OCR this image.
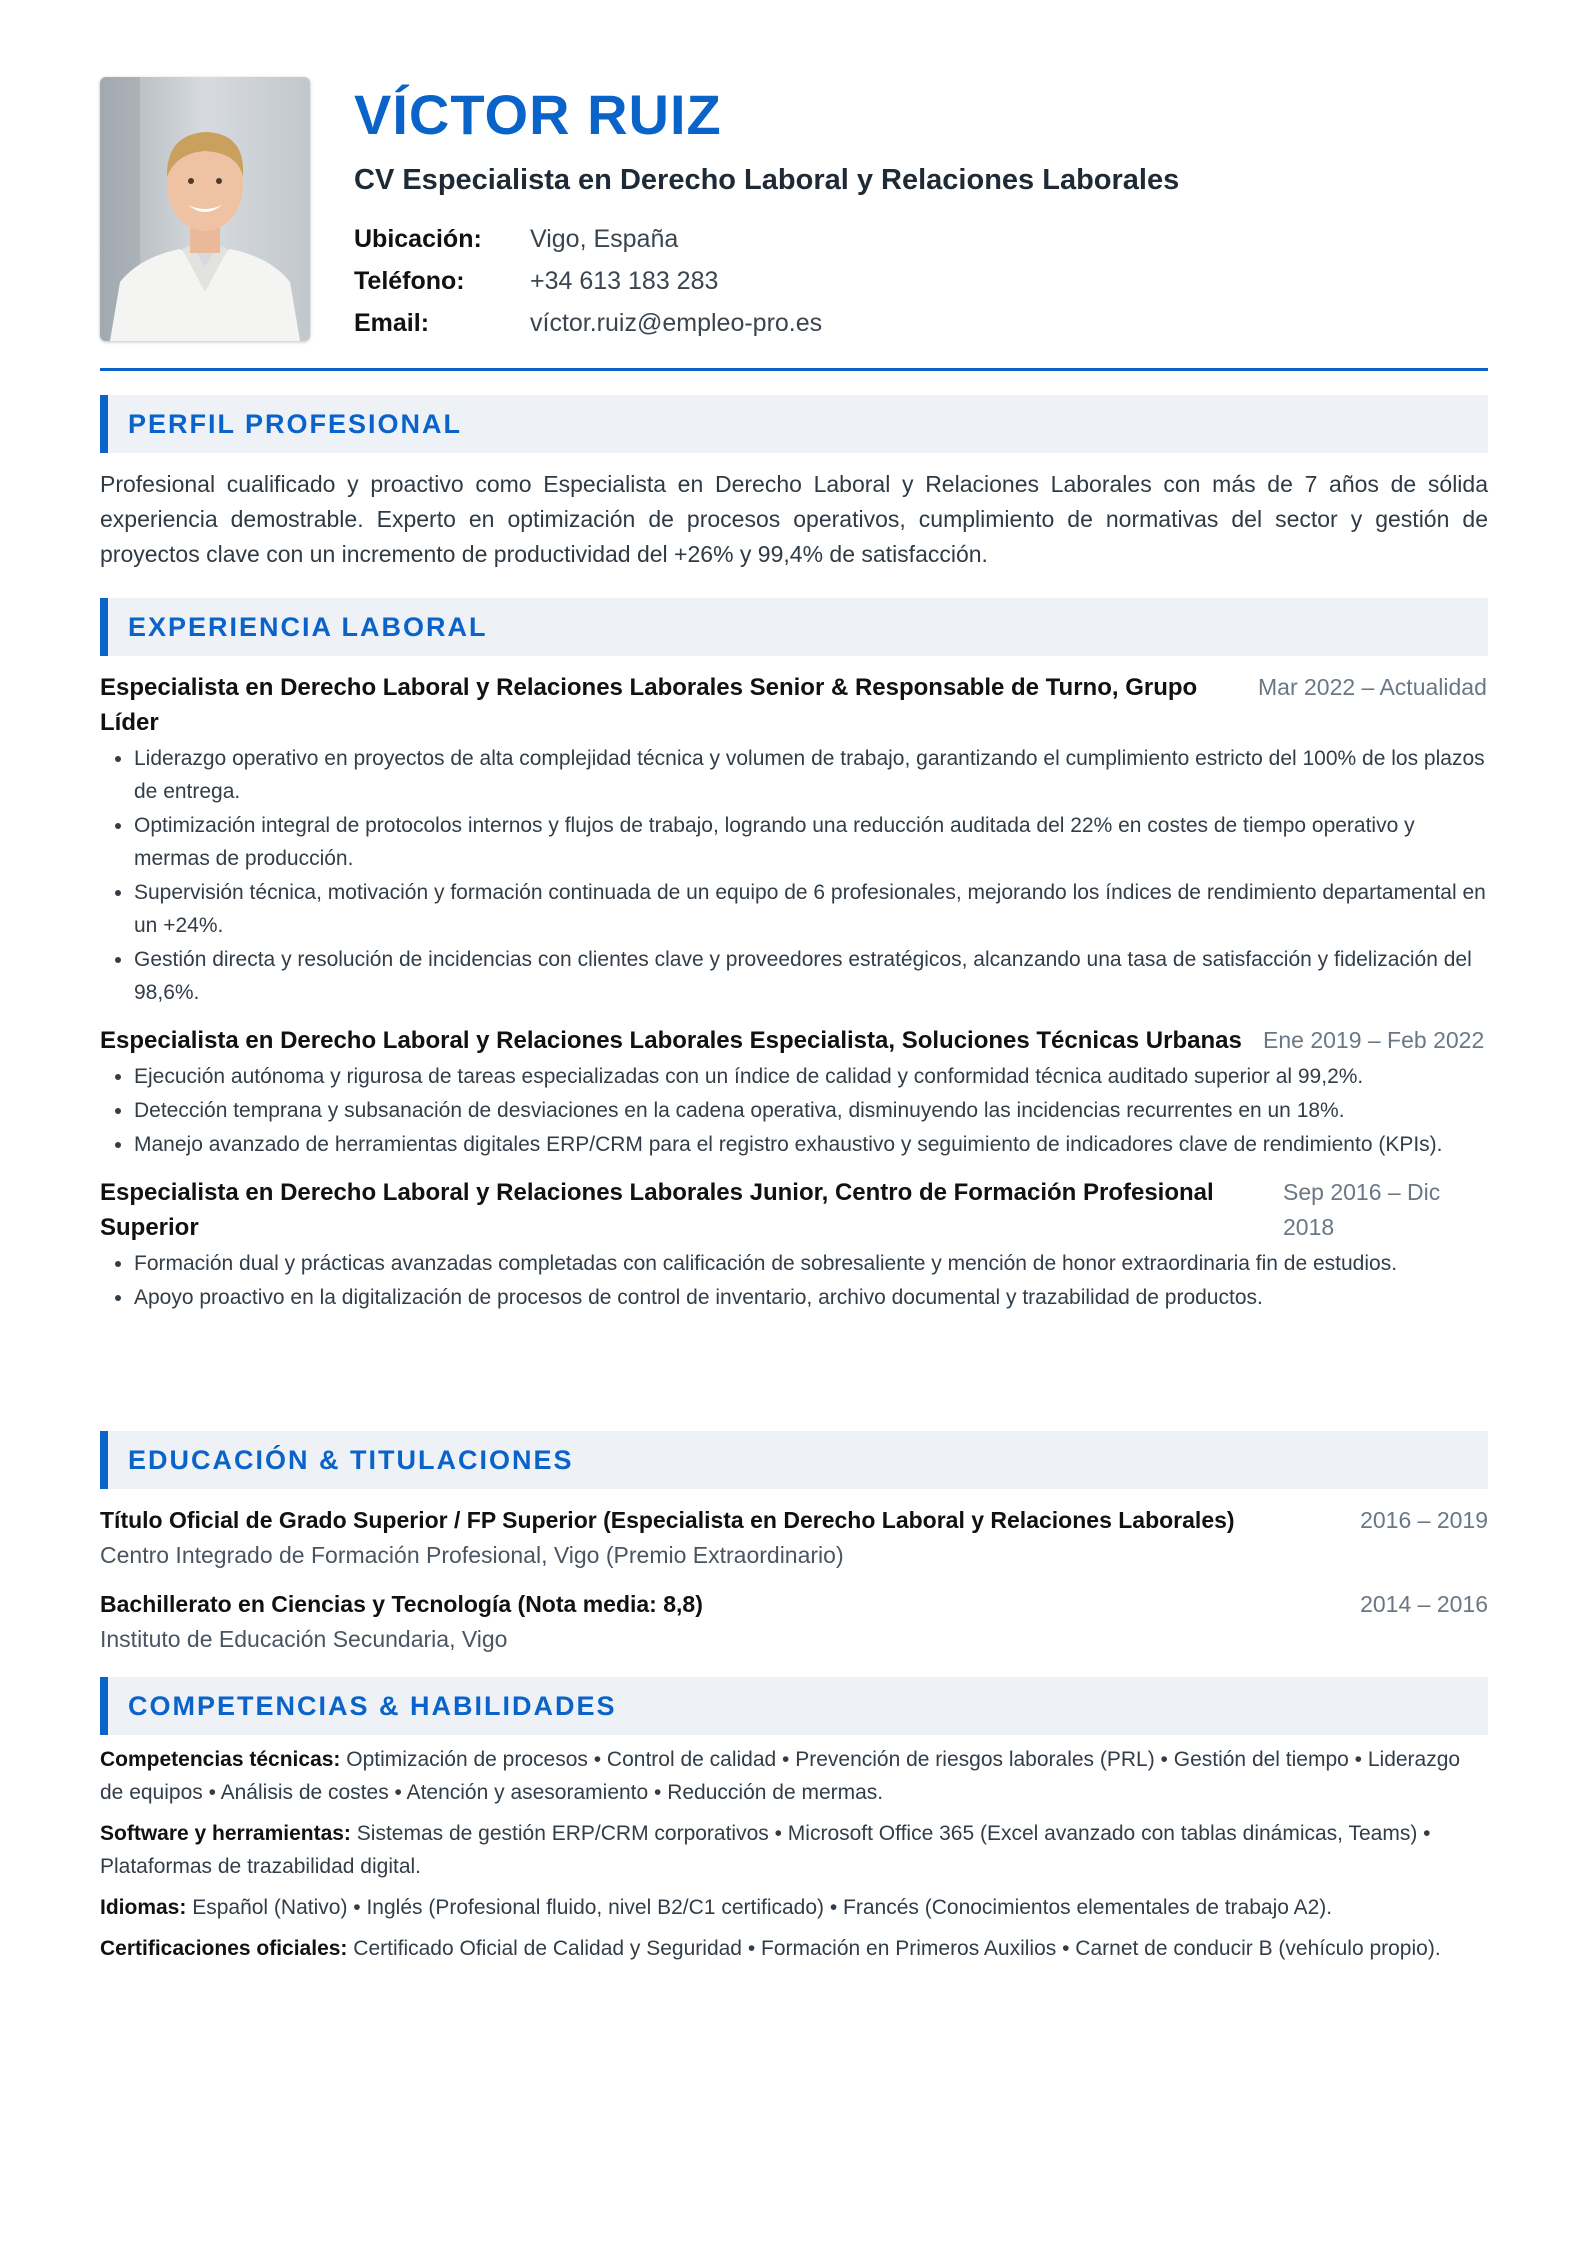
VÍCTOR RUIZ
CV Especialista en Derecho Laboral y Relaciones Laborales
Ubicación:	Vigo, España
Teléfono:	+34 613 183 283
Email:	víctor.ruiz@empleo-pro.es
PERFIL PROFESIONAL

Profesional cualificado y proactivo como Especialista en Derecho Laboral y Relaciones Laborales con más de 7 años de sólida experiencia demostrable. Experto en optimización de procesos operativos, cumplimiento de normativas del sector y gestión de proyectos clave con un incremento de productividad del +26% y 99,4% de satisfacción.

EXPERIENCIA LABORAL
Especialista en Derecho Laboral y Relaciones Laborales Senior & Responsable de Turno, Grupo Líder
Mar 2022 – Actualidad
• Liderazgo operativo en proyectos de alta complejidad técnica y volumen de trabajo, garantizando el cumplimiento estricto del 100% de los plazos de entrega.
• Optimización integral de protocolos internos y flujos de trabajo, logrando una reducción auditada del 22% en costes de tiempo operativo y mermas de producción.
• Supervisión técnica, motivación y formación continuada de un equipo de 6 profesionales, mejorando los índices de rendimiento departamental en un +24%.
• Gestión directa y resolución de incidencias con clientes clave y proveedores estratégicos, alcanzando una tasa de satisfacción y fidelización del 98,6%.
Especialista en Derecho Laboral y Relaciones Laborales Especialista, Soluciones Técnicas Urbanas Ene 2019 – Feb 2022
• Ejecución autónoma y rigurosa de tareas especializadas con un índice de calidad y conformidad técnica auditado superior al 99,2%.
• Detección temprana y subsanación de desviaciones en la cadena operativa, disminuyendo las incidencias recurrentes en un 18%.
• Manejo avanzado de herramientas digitales ERP/CRM para el registro exhaustivo y seguimiento de indicadores clave de rendimiento (KPIs).
Especialista en Derecho Laboral y Relaciones Laborales Junior, Centro de Formación Profesional Superior
Sep 2016 – Dic 2018
• Formación dual y prácticas avanzadas completadas con calificación de sobresaliente y mención de honor extraordinaria fin de estudios.
• Apoyo proactivo en la digitalización de procesos de control de inventario, archivo documental y trazabilidad de productos.
EDUCACIÓN & TITULACIONES
Título Oficial de Grado Superior / FP Superior (Especialista en Derecho Laboral y Relaciones Laborales)
Centro Integrado de Formación Profesional, Vigo (Premio Extraordinario)
2016 – 2019
Bachillerato en Ciencias y Tecnología (Nota media: 8,8)
Instituto de Educación Secundaria, Vigo
2014 – 2016
COMPETENCIAS & HABILIDADES
Competencias técnicas: Optimización de procesos • Control de calidad • Prevención de riesgos laborales (PRL) • Gestión del tiempo • Liderazgo de equipos • Análisis de costes • Atención y asesoramiento • Reducción de mermas.
Software y herramientas: Sistemas de gestión ERP/CRM corporativos • Microsoft Office 365 (Excel avanzado con tablas dinámicas, Teams) • Plataformas de trazabilidad digital.
Idiomas: Español (Nativo) • Inglés (Profesional fluido, nivel B2/C1 certificado) • Francés (Conocimientos elementales de trabajo A2).
Certificaciones oficiales: Certificado Oficial de Calidad y Seguridad • Formación en Primeros Auxilios • Carnet de conducir B (vehículo propio).
